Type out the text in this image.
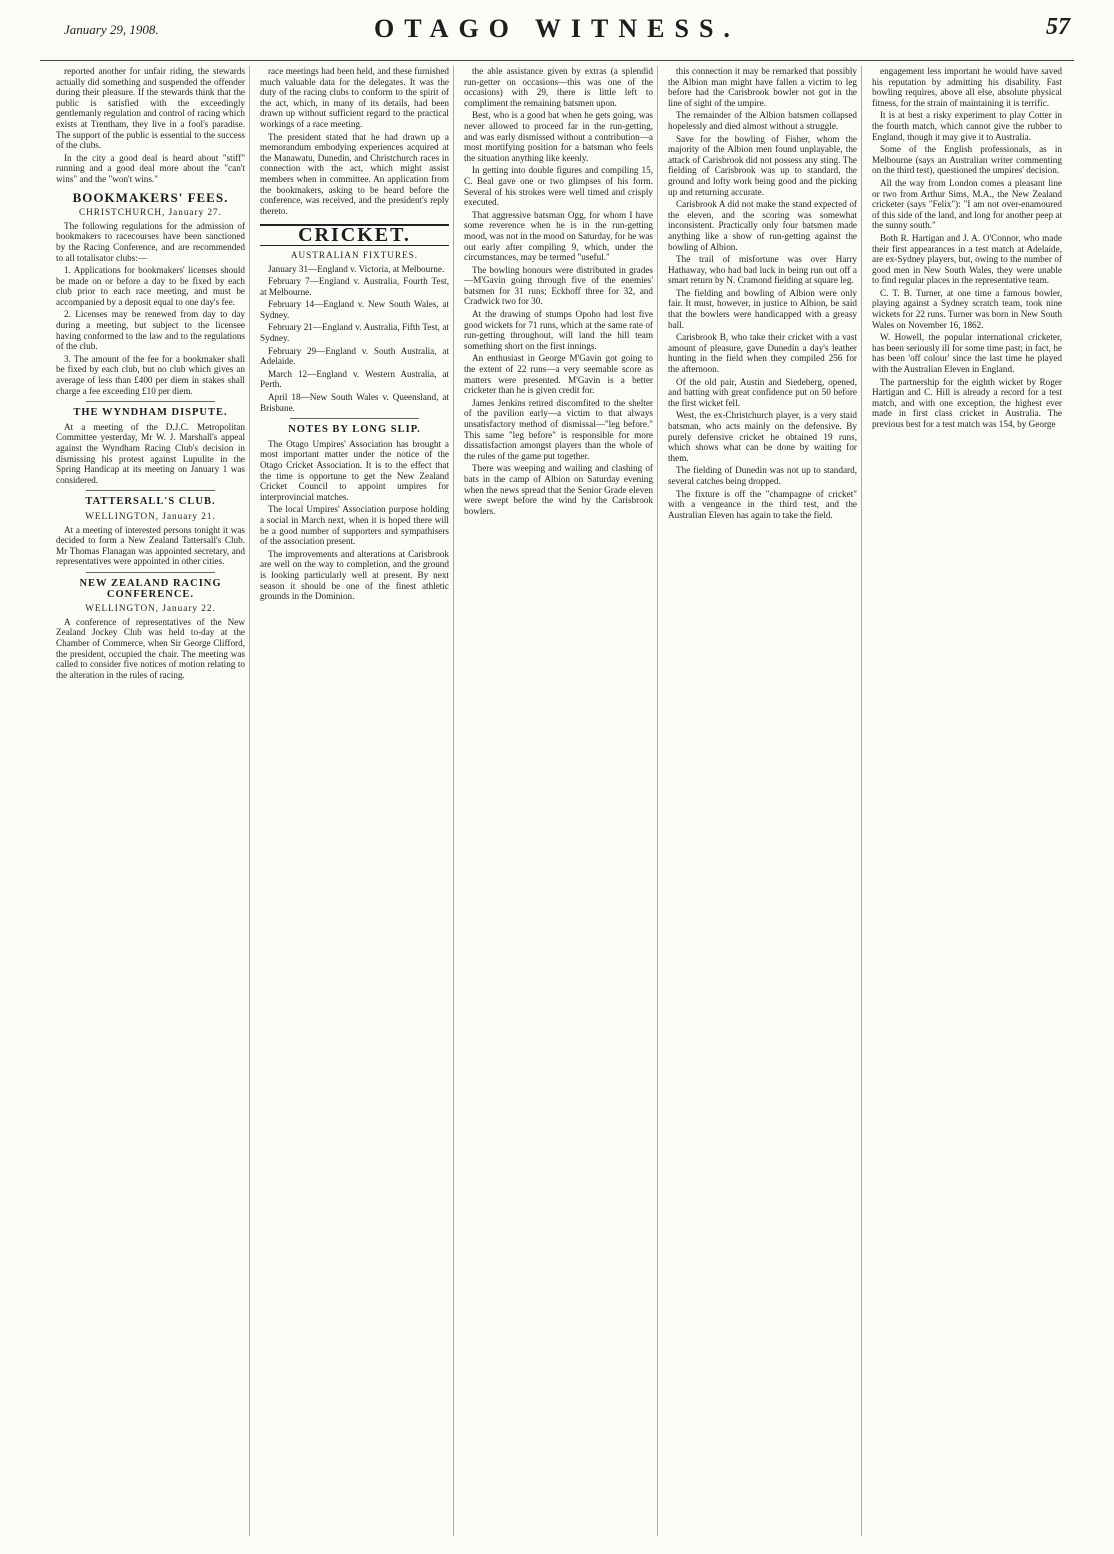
January 29, 1908.	OTAGO WITNESS.	57

reported another for unfair riding, the stewards actually did something and suspended the offender during their pleasure. If the stewards think that the public is satisfied with the exceedingly gentlemanly regulation and control of racing which exists at Trentham, they live in a fool's paradise. The support of the public is essential to the success of the clubs.

In the city a good deal is heard about "stiff" running and a good deal more about the "can't wins" and the "won't wins."

BOOKMAKERS' FEES.
CHRISTCHURCH, January 27.

The following regulations for the admission of bookmakers to racecourses have been sanctioned by the Racing Conference, and are recommended to all totalisator clubs:—

1. Applications for bookmakers' licenses should be made on or before a day to be fixed by each club prior to each race meeting, and must be accompanied by a deposit equal to one day's fee.

2. Licenses may be renewed from day to day during a meeting, but subject to the licensee having conformed to the law and to the regulations of the club.

3. The amount of the fee for a bookmaker shall be fixed by each club, but no club which gives an average of less than £400 per diem in stakes shall charge a fee exceeding £10 per diem.

THE WYNDHAM DISPUTE.

At a meeting of the D.J.C. Metropolitan Committee yesterday, Mr W. J. Marshall's appeal against the Wyndham Racing Club's decision in dismissing his protest against Lupulite in the Spring Handicap at its meeting on January 1 was considered.

TATTERSALL'S CLUB.
WELLINGTON, January 21.

At a meeting of interested persons tonight it was decided to form a New Zealand Tattersall's Club. Mr Thomas Flanagan was appointed secretary, and representatives were appointed in other cities.

NEW ZEALAND RACING CONFERENCE.
WELLINGTON, January 22.

A conference of representatives of the New Zealand Jockey Club was held to-day at the Chamber of Commerce, when Sir George Clifford, the president, occupied the chair. The meeting was called to consider five notices of motion relating to the alteration in the rules of racing.

race meetings had been held, and these furnished much valuable data for the delegates. It was the duty of the racing clubs to conform to the spirit of the act, which, in many of its details, had been drawn up without sufficient regard to the practical workings of a race meeting.

The president stated that he had drawn up a memorandum embodying experiences acquired at the Manawatu, Dunedin, and Christchurch races in connection with the act, which might assist members when in committee. An application from the bookmakers, asking to be heard before the conference, was received, and the president's reply thereto.

CRICKET.
AUSTRALIAN FIXTURES.

January 31—England v. Victoria, at Melbourne.

February 7—England v. Australia, Fourth Test, at Melbourne.

February 14—England v. New South Wales, at Sydney.

February 21—England v. Australia, Fifth Test, at Sydney.

February 29—England v. South Australia, at Adelaide.

March 12—England v. Western Australia, at Perth.

April 18—New South Wales v. Queensland, at Brisbane.

NOTES BY LONG SLIP.

The Otago Umpires' Association has brought a most important matter under the notice of the Otago Cricket Association. It is to the effect that the time is opportune to get the New Zealand Cricket Council to appoint umpires for interprovincial matches.

The local Umpires' Association purpose holding a social in March next, when it is hoped there will be a good number of supporters and sympathisers of the association present.

The improvements and alterations at Carisbrook are well on the way to completion, and the ground is looking particularly well at present. By next season it should be one of the finest athletic grounds in the Dominion.

the able assistance given by extras (a splendid run-getter on occasions—this was one of the occasions) with 29, there is little left to compliment the remaining batsmen upon.

Best, who is a good bat when he gets going, was never allowed to proceed far in the run-getting, and was early dismissed without a contribution—a most mortifying position for a batsman who feels the situation anything like keenly.

In getting into double figures and compiling 15, C. Beal gave one or two glimpses of his form. Several of his strokes were well timed and crisply executed.

That aggressive batsman Ogg, for whom I have some reverence when he is in the run-getting mood, was not in the mood on Saturday, for he was out early after compiling 9, which, under the circumstances, may be termed "useful."

The bowling honours were distributed in grades—M'Gavin going through five of the enemies' batsmen for 31 runs; Eckhoff three for 32, and Cradwick two for 30.

At the drawing of stumps Opoho had lost five good wickets for 71 runs, which at the same rate of run-getting throughout, will land the hill team something short on the first innings.

An enthusiast in George M'Gavin got going to the extent of 22 runs—a very seemable score as matters were presented. M'Gavin is a better cricketer than he is given credit for.

James Jenkins retired discomfited to the shelter of the pavilion early—a victim to that always unsatisfactory method of dismissal—"leg before." This same "leg before" is responsible for more dissatisfaction amongst players than the whole of the rules of the game put together.

There was weeping and wailing and clashing of bats in the camp of Albion on Saturday evening when the news spread that the Senior Grade eleven were swept before the wind by the Carisbrook bowlers.

this connection it may be remarked that possibly the Albion man might have fallen a victim to leg before had the Carisbrook bowler not got in the line of sight of the umpire.

The remainder of the Albion batsmen collapsed hopelessly and died almost without a struggle.

Save for the bowling of Fisher, whom the majority of the Albion men found unplayable, the attack of Carisbrook did not possess any sting. The fielding of Carisbrook was up to standard, the ground and lofty work being good and the picking up and returning accurate.

Carisbrook A did not make the stand expected of the eleven, and the scoring was somewhat inconsistent. Practically only four batsmen made anything like a show of run-getting against the bowling of Albion.

The trail of misfortune was over Harry Hathaway, who had bad luck in being run out off a smart return by N. Cramond fielding at square leg.

The fielding and bowling of Albion were only fair. It must, however, in justice to Albion, be said that the bowlers were handicapped with a greasy ball.

Carisbrook B, who take their cricket with a vast amount of pleasure, gave Dunedin a day's leather hunting in the field when they compiled 256 for the afternoon.

Of the old pair, Austin and Siedeberg, opened, and batting with great confidence put on 50 before the first wicket fell.

West, the ex-Christchurch player, is a very staid batsman, who acts mainly on the defensive. By purely defensive cricket he obtained 19 runs, which shows what can be done by waiting for them.

The fielding of Dunedin was not up to standard, several catches being dropped.

The fixture is off the "champagne of cricket" with a vengeance in the third test, and the Australian Eleven has again to take the field.

engagement less important he would have saved his reputation by admitting his disability. Fast bowling requires, above all else, absolute physical fitness, for the strain of maintaining it is terrific.

It is at best a risky experiment to play Cotter in the fourth match, which cannot give the rubber to England, though it may give it to Australia.

Some of the English professionals, as in Melbourne (says an Australian writer commenting on the third test), questioned the umpires' decision.

All the way from London comes a pleasant line or two from Arthur Sims, M.A., the New Zealand cricketer (says "Felix"): "I am not over-enamoured of this side of the land, and long for another peep at the sunny south."

Both R. Hartigan and J. A. O'Connor, who made their first appearances in a test match at Adelaide, are ex-Sydney players, but, owing to the number of good men in New South Wales, they were unable to find regular places in the representative team.

C. T. B. Turner, at one time a famous bowler, playing against a Sydney scratch team, took nine wickets for 22 runs. Turner was born in New South Wales on November 16, 1862.

W. Howell, the popular international cricketer, has been seriously ill for some time past; in fact, he has been 'off colour' since the last time he played with the Australian Eleven in England.

The partnership for the eighth wicket by Roger Hartigan and C. Hill is already a record for a test match, and with one exception, the highest ever made in first class cricket in Australia. The previous best for a test match was 154, by George
